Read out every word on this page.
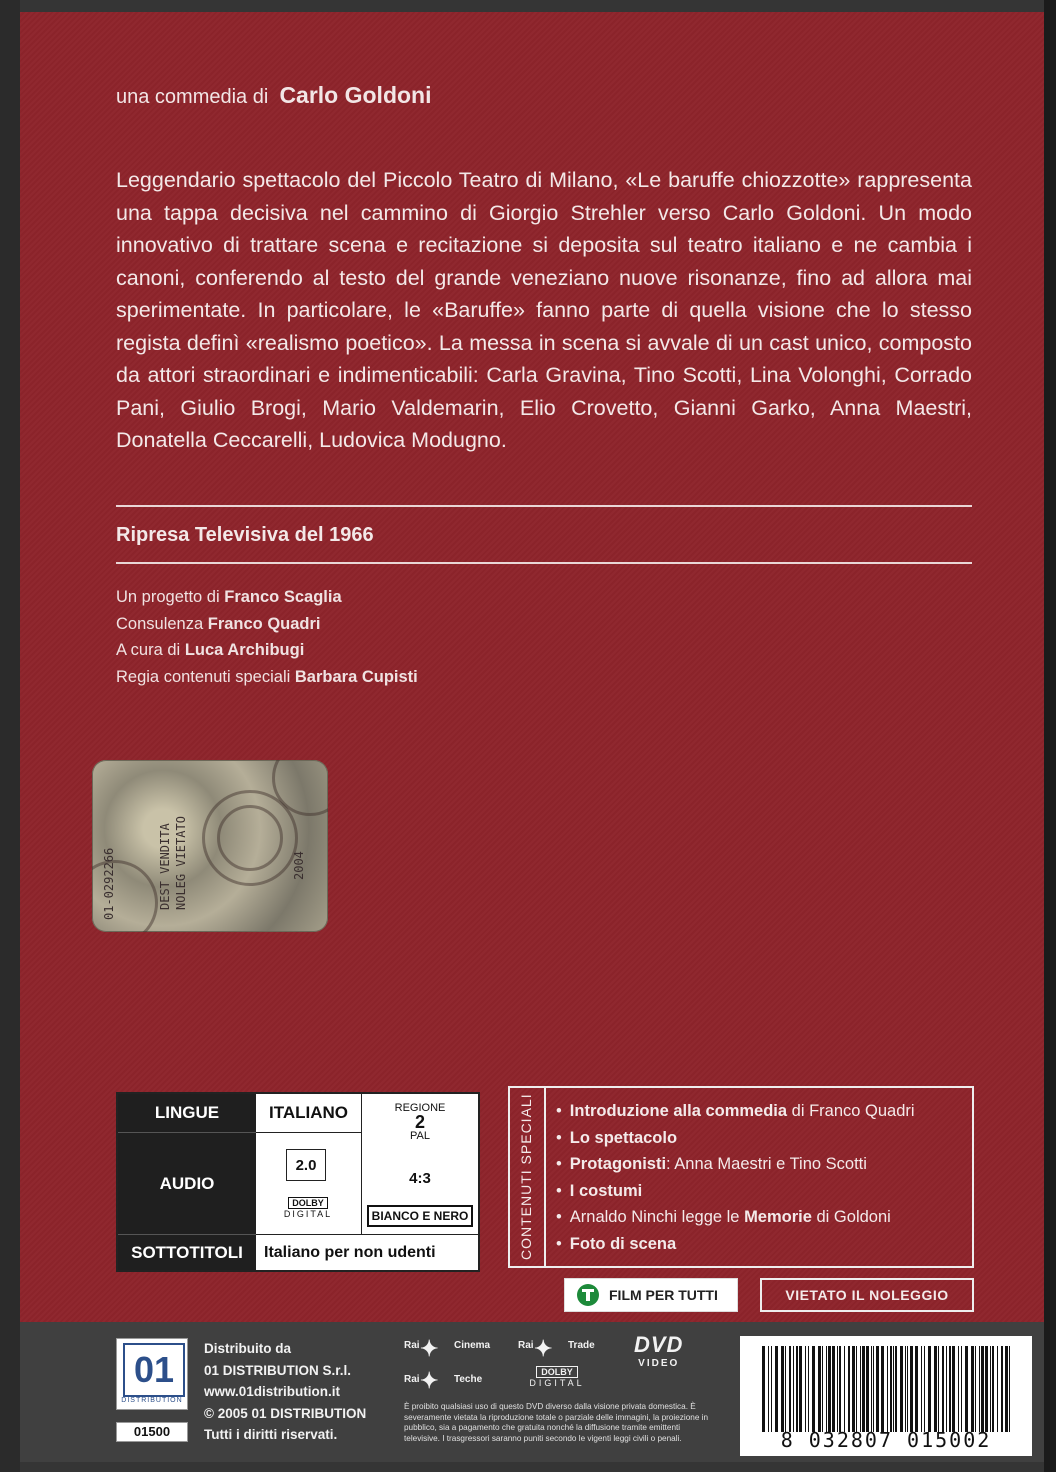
una commedia di Carlo Goldoni
Leggendario spettacolo del Piccolo Teatro di Milano, «Le baruffe chiozzotte» rappresenta una tappa decisiva nel cammino di Giorgio Strehler verso Carlo Goldoni. Un modo innovativo di trattare scena e recitazione si deposita sul teatro italiano e ne cambia i canoni, conferendo al testo del grande veneziano nuove risonanze, fino ad allora mai sperimentate. In particolare, le «Baruffe» fanno parte di quella visione che lo stesso regista definì «realismo poetico». La messa in scena si avvale di un cast unico, composto da attori straordinari e indimenticabili: Carla Gravina, Tino Scotti, Lina Volonghi, Corrado Pani, Giulio Brogi, Mario Valdemarin, Elio Crovetto, Gianni Garko, Anna Maestri, Donatella Ceccarelli, Ludovica Modugno.
Ripresa Televisiva del 1966
Un progetto di Franco Scaglia
Consulenza Franco Quadri
A cura di Luca Archibugi
Regia contenuti speciali Barbara Cupisti
01-0292266	DEST VENDITA NOLEG VIETATO	2004
LINGUE	ITALIANO	REGIONE
2
PAL
AUDIO
2.0
DOLBY
DIGITAL
4:3
BIANCO E NERO
SOTTOTITOLI	Italiano per non udenti	CONTENUTI SPECIALI
•	Introduzione alla commedia di Franco Quadri
• Lo spettacolo
• Protagonisti: Anna Maestri e Tino Scotti
• I costumi
• Arnaldo Ninchi legge le Memorie di Goldoni
• Foto di scena
FILM PER TUTTI	VIETATO IL NOLEGGIO
01
DISTRIBUTION
01500
Distribuito da
01 DISTRIBUTION S.r.l.
www.01distribution.it
© 2005 01 DISTRIBUTION
Tutti i diritti riservati.
Rai ✦ Cinema	Rai ✦ Trade
Rai ✦ Teche
DOLBY
DIGITAL
DVD
VIDEO
È proibito qualsiasi uso di questo DVD diverso dalla visione privata domestica. È severamente vietata la riproduzione totale o parziale delle immagini, la proiezione in pubblico, sia a pagamento che gratuita nonché la diffusione tramite emittenti televisive. I trasgressori saranno puniti secondo le vigenti leggi civili o penali.	8 032807 015002
